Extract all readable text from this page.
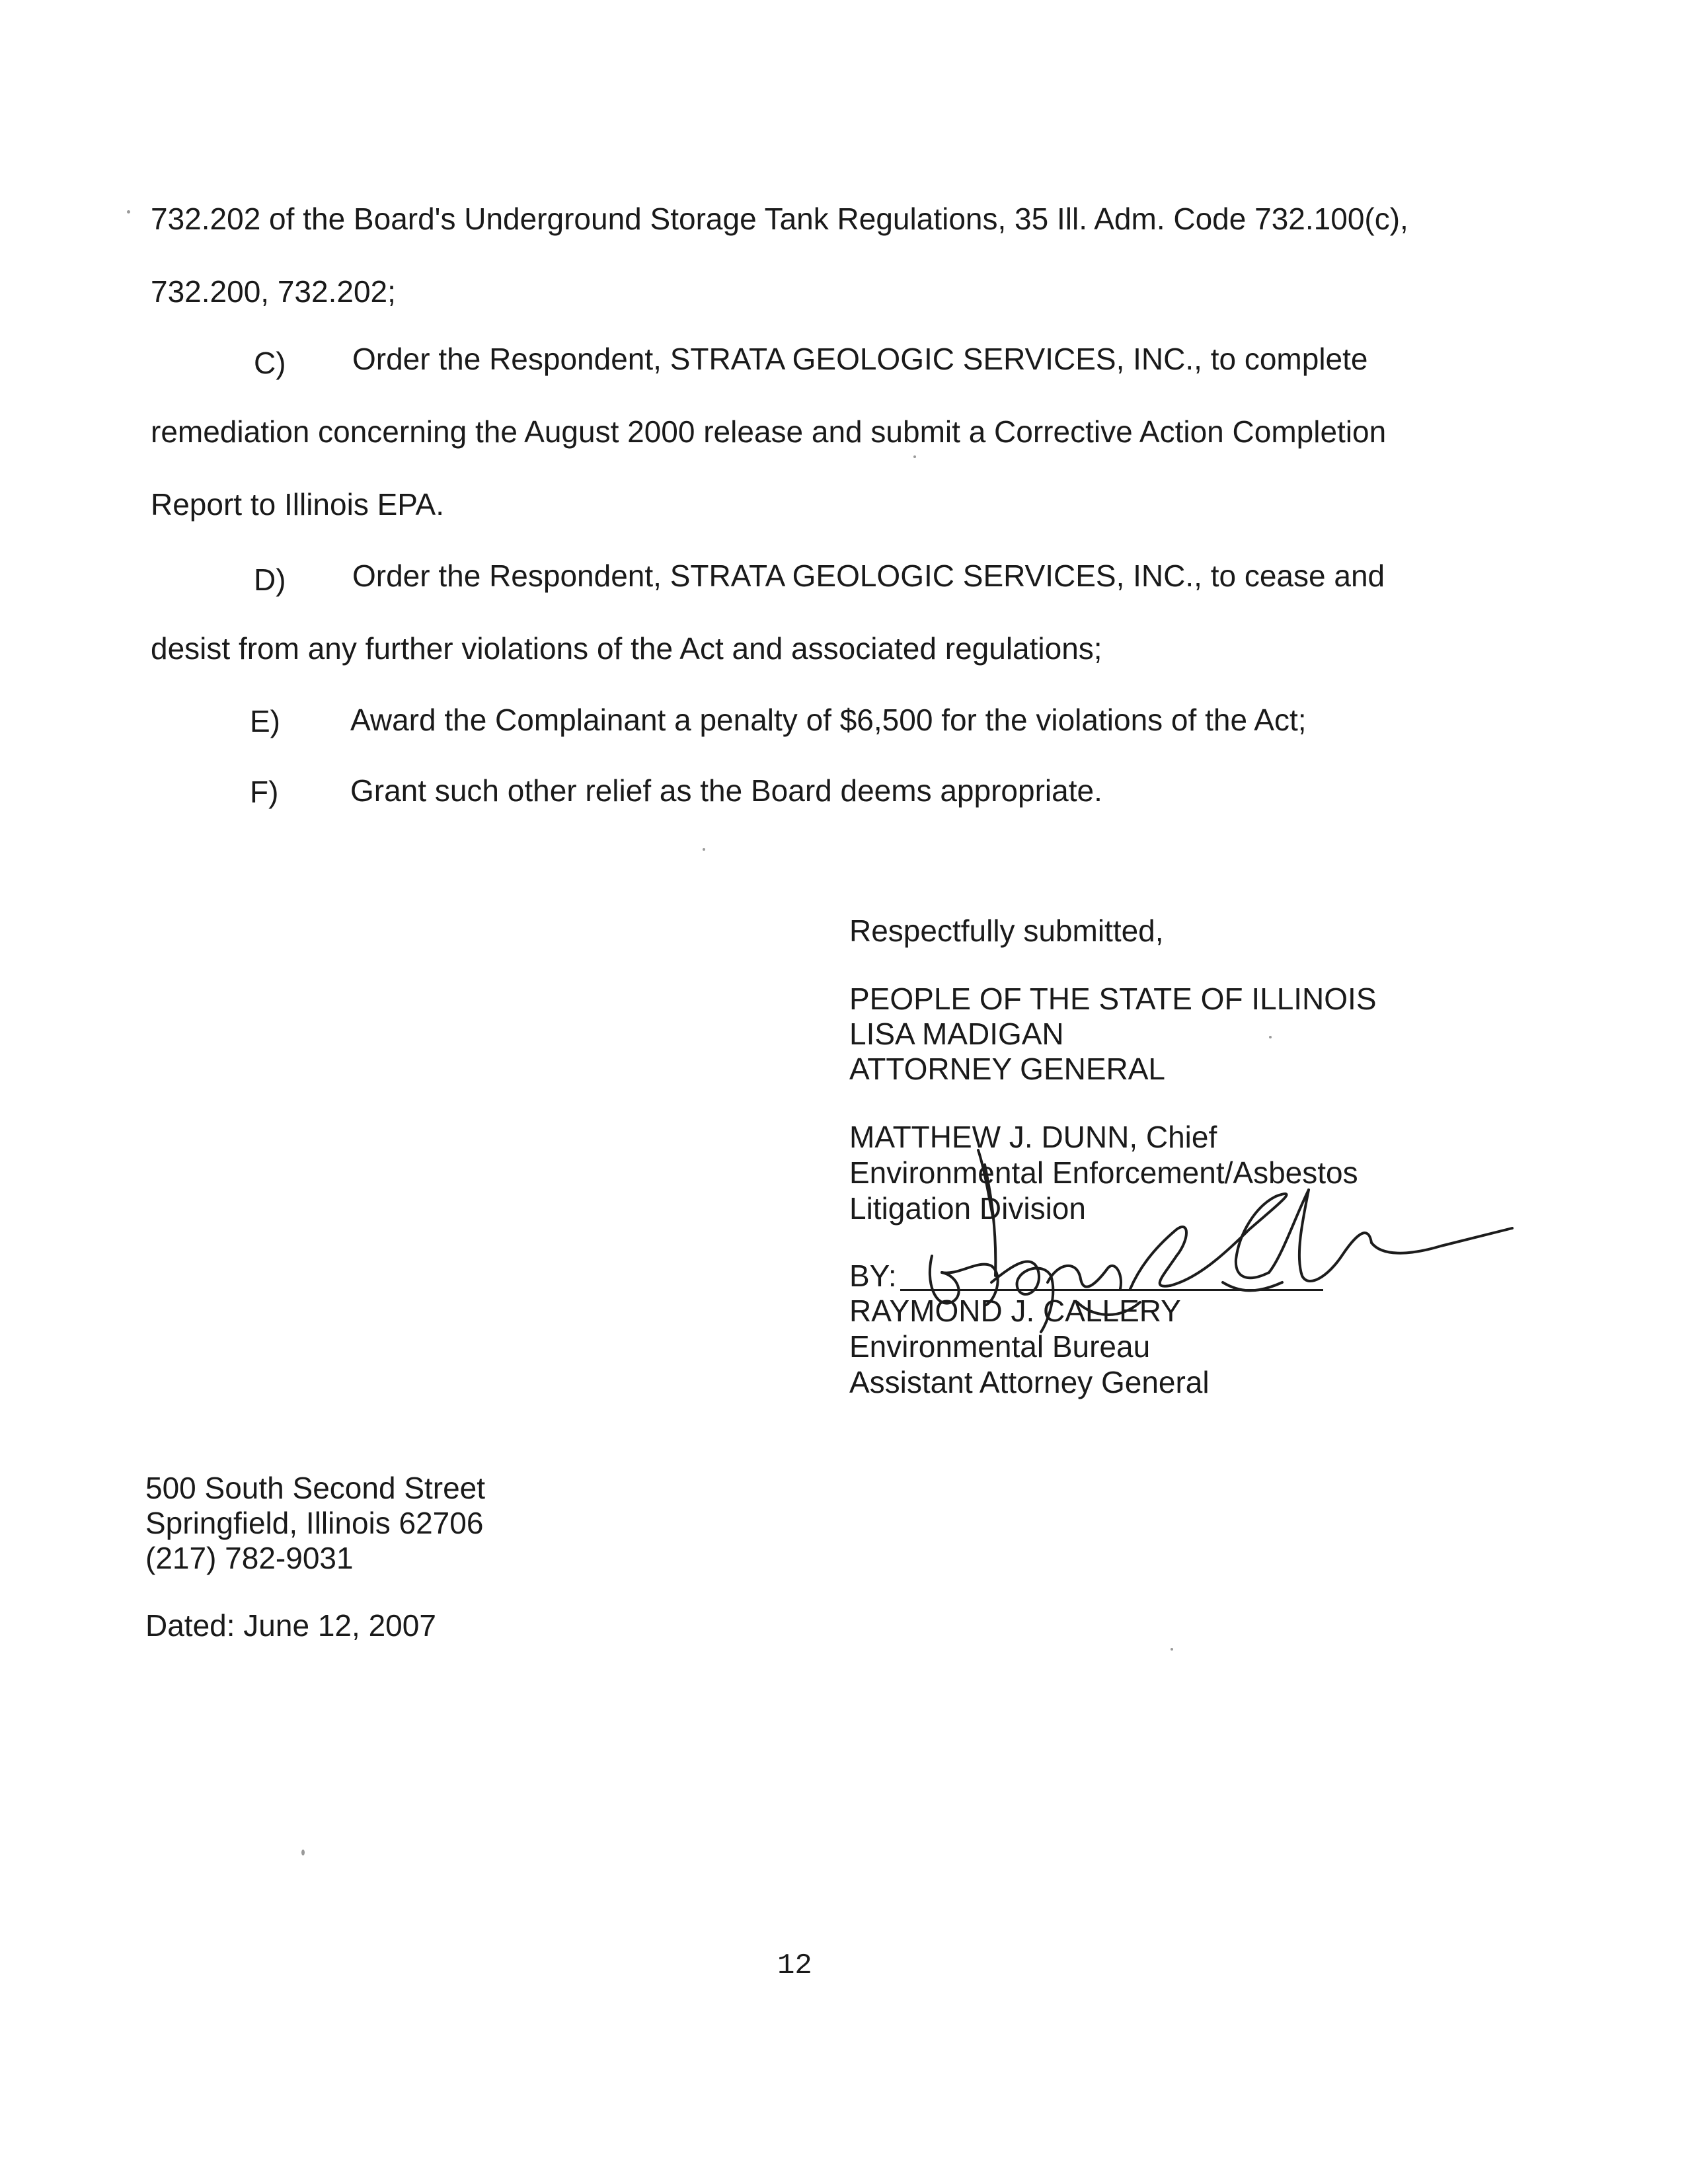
732.202 of the Board's Underground Storage Tank Regulations, 35 Ill. Adm. Code 732.100(c),
732.200, 732.202;
C) Order the Respondent, STRATA GEOLOGIC SERVICES, INC., to complete
remediation concerning the August 2000 release and submit a Corrective Action Completion
Report to Illinois EPA.
D) Order the Respondent, STRATA GEOLOGIC SERVICES, INC., to cease and
desist from any further violations of the Act and associated regulations;
E) Award the Complainant a penalty of $6,500 for the violations of the Act;
F) Grant such other relief as the Board deems appropriate.
Respectfully submitted,
PEOPLE OF THE STATE OF ILLINOIS
LISA MADIGAN
ATTORNEY GENERAL
MATTHEW J. DUNN, Chief
Environmental Enforcement/Asbestos
Litigation Division
BY:
RAYMOND J. CALLERY
Environmental Bureau
Assistant Attorney General
500 South Second Street
Springfield, Illinois 62706
(217) 782-9031
Dated: June 12, 2007
12
